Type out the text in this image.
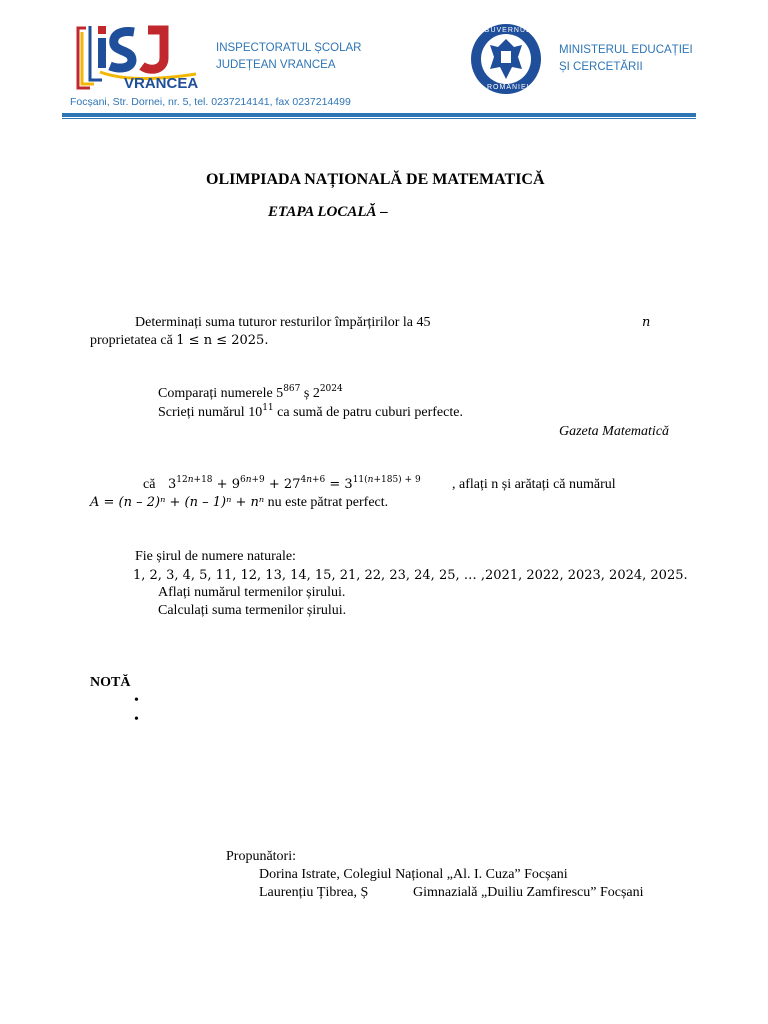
VRANCEA
INSPECTORATUL ȘCOLAR
JUDEȚEAN VRANCEA
GUVERNUL
ROMÂNIEI
MINISTERUL EDUCAȚIEI
ȘI CERCETĂRII
Focșani, Str. Dornei, nr. 5, tel. 0237214141, fax 0237214499
OLIMPIADA NAȚIONALĂ DE MATEMATICĂ
ETAPA LOCALĂ –
Determinați suma tuturor resturilor împărțirilor la 45	n
proprietatea că 1 ≤ n ≤ 2025.
Comparați numerele $5^{867}$ ș $2^{2024}$
Scrieți numărul $10^{11}$ ca sumă de patru cuburi perfecte.
Gazeta Matematică
că $3^{12𝑛+18} + 9^{6𝑛+9} + 27^{4𝑛+6} = 3^{11(𝑛+185) + 9}$ , aflați n și arătați că numărul
A = (n – 2)ⁿ + (n – 1)ⁿ + nⁿ nu este pătrat perfect.
Fie șirul de numere naturale:
1, 2, 3, 4, 5, 11, 12, 13, 14, 15, 21, 22, 23, 24, 25, … ,2021, 2022, 2023, 2024, 2025.
Aflați numărul termenilor șirului.
Calculați suma termenilor șirului.
NOTĂ
•
•
Propunători:
Dorina Istrate, Colegiul Național „Al. I. Cuza” Focșani
Laurențiu Țibrea, Ș	Gimnazială „Duiliu Zamfirescu” Focșani
